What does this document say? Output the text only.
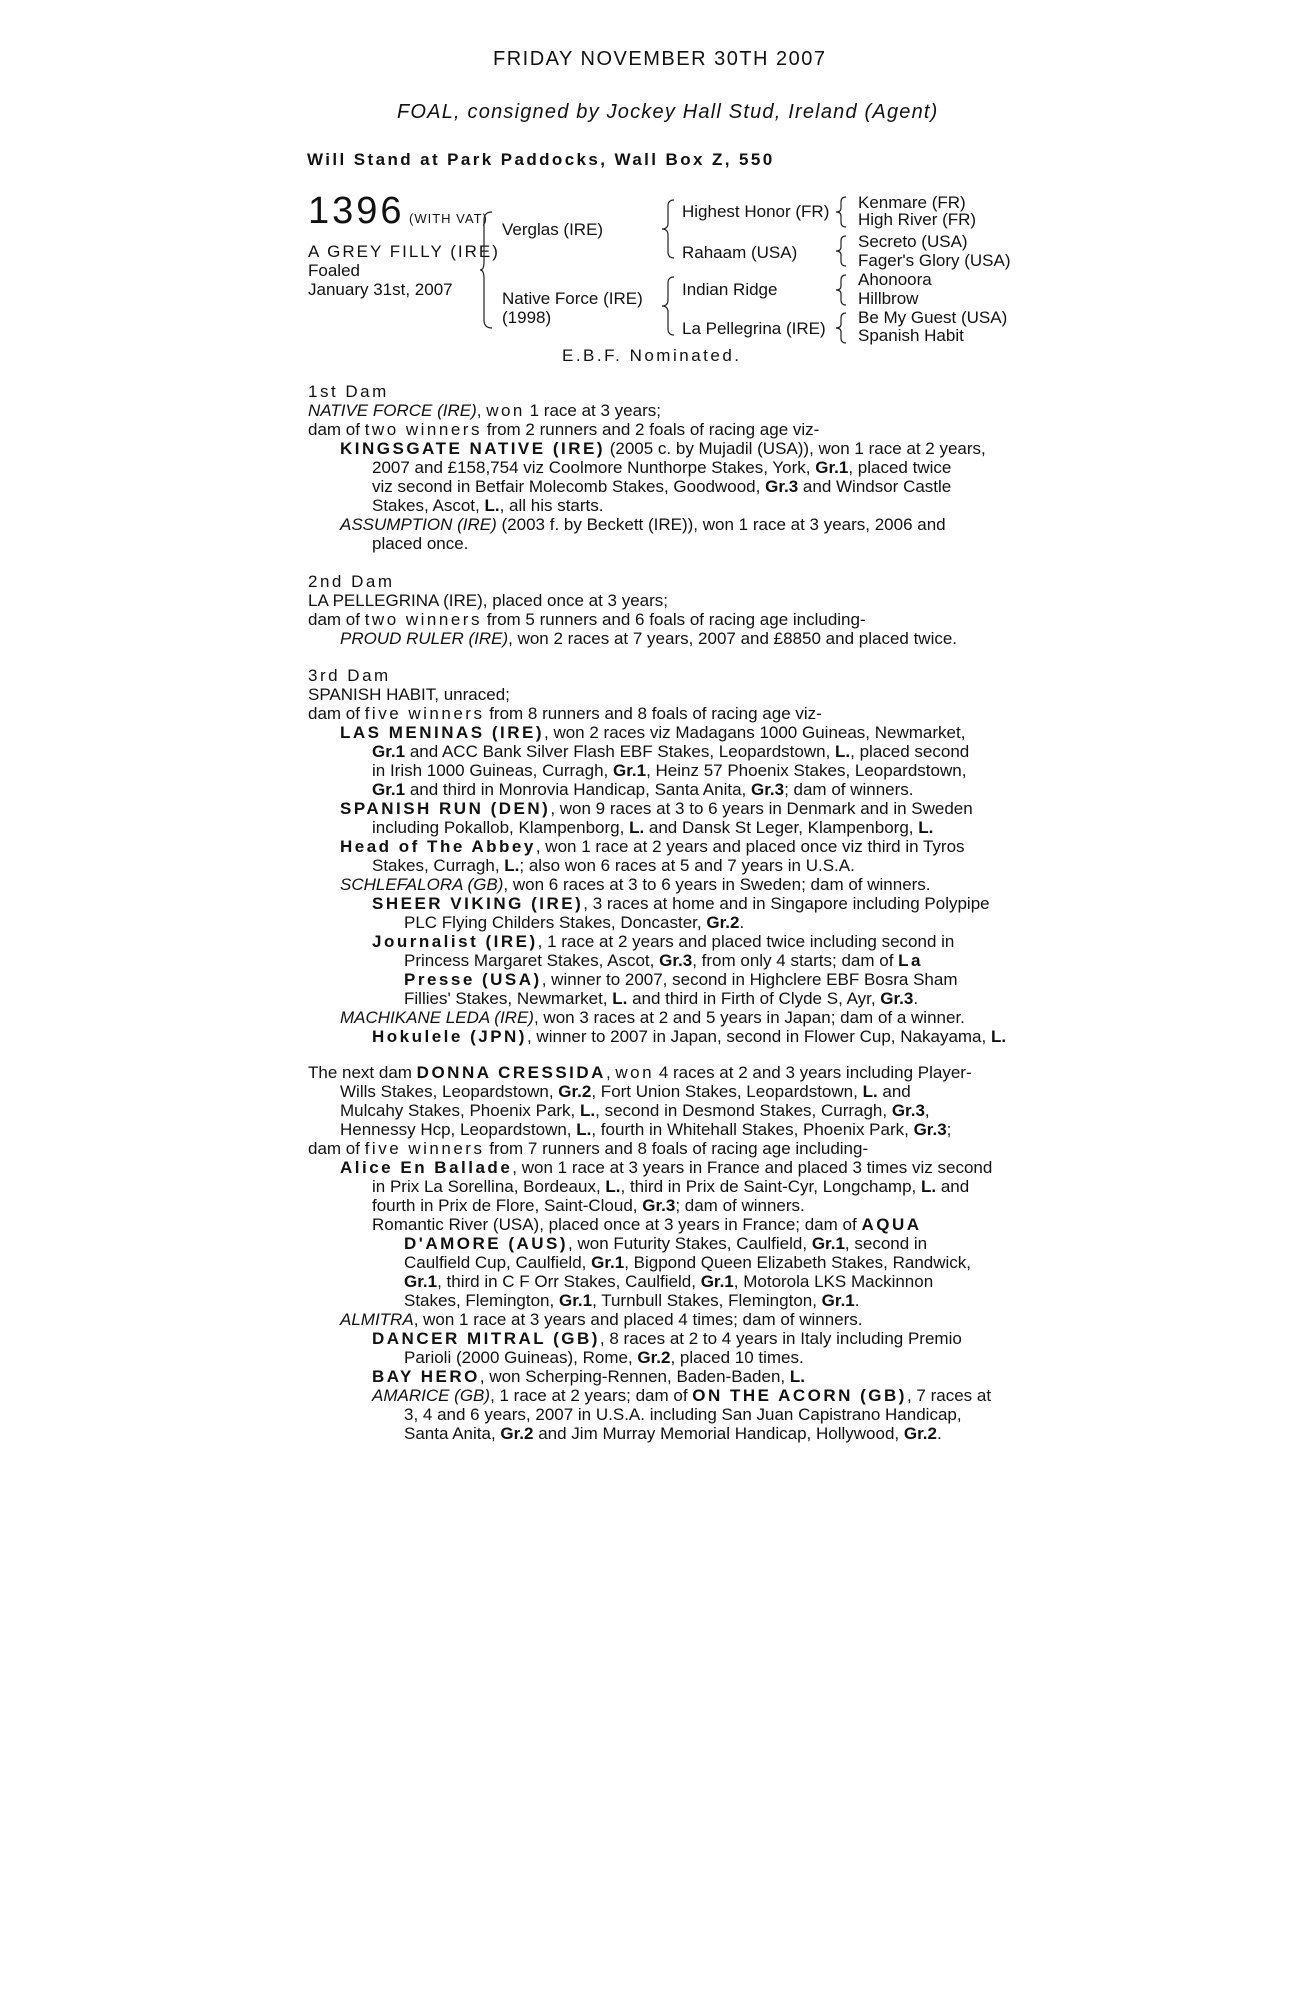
FRIDAY NOVEMBER 30TH 2007
FOAL, consigned by Jockey Hall Stud, Ireland (Agent)
Will Stand at Park Paddocks, Wall Box Z, 550
1396 (WITH VAT)
A GREY FILLY (IRE)
Foaled
January 31st, 2007
Verglas (IRE)
Native Force (IRE)
(1998)
Highest Honor (FR)
Rahaam (USA)
Indian Ridge
La Pellegrina (IRE)
Kenmare (FR)
High River (FR)
Secreto (USA)
Fager's Glory (USA)
Ahonoora
Hillbrow
Be My Guest (USA)
Spanish Habit
E.B.F. Nominated.
1st Dam
NATIVE FORCE (IRE), won 1 race at 3 years;
dam of two winners from 2 runners and 2 foals of racing age viz-
KINGSGATE NATIVE (IRE) (2005 c. by Mujadil (USA)), won 1 race at 2 years,
2007 and £158,754 viz Coolmore Nunthorpe Stakes, York, Gr.1, placed twice
viz second in Betfair Molecomb Stakes, Goodwood, Gr.3 and Windsor Castle
Stakes, Ascot, L., all his starts.
ASSUMPTION (IRE) (2003 f. by Beckett (IRE)), won 1 race at 3 years, 2006 and
placed once.
2nd Dam
LA PELLEGRINA (IRE), placed once at 3 years;
dam of two winners from 5 runners and 6 foals of racing age including-
PROUD RULER (IRE), won 2 races at 7 years, 2007 and £8850 and placed twice.
3rd Dam
SPANISH HABIT, unraced;
dam of five winners from 8 runners and 8 foals of racing age viz-
LAS MENINAS (IRE), won 2 races viz Madagans 1000 Guineas, Newmarket,
Gr.1 and ACC Bank Silver Flash EBF Stakes, Leopardstown, L., placed second
in Irish 1000 Guineas, Curragh, Gr.1, Heinz 57 Phoenix Stakes, Leopardstown,
Gr.1 and third in Monrovia Handicap, Santa Anita, Gr.3; dam of winners.
SPANISH RUN (DEN), won 9 races at 3 to 6 years in Denmark and in Sweden
including Pokallob, Klampenborg, L. and Dansk St Leger, Klampenborg, L.
Head of The Abbey, won 1 race at 2 years and placed once viz third in Tyros
Stakes, Curragh, L.; also won 6 races at 5 and 7 years in U.S.A.
SCHLEFALORA (GB), won 6 races at 3 to 6 years in Sweden; dam of winners.
SHEER VIKING (IRE), 3 races at home and in Singapore including Polypipe
PLC Flying Childers Stakes, Doncaster, Gr.2.
Journalist (IRE), 1 race at 2 years and placed twice including second in
Princess Margaret Stakes, Ascot, Gr.3, from only 4 starts; dam of La
Presse (USA), winner to 2007, second in Highclere EBF Bosra Sham
Fillies' Stakes, Newmarket, L. and third in Firth of Clyde S, Ayr, Gr.3.
MACHIKANE LEDA (IRE), won 3 races at 2 and 5 years in Japan; dam of a winner.
Hokulele (JPN), winner to 2007 in Japan, second in Flower Cup, Nakayama, L.
The next dam DONNA CRESSIDA, won 4 races at 2 and 3 years including Player-
Wills Stakes, Leopardstown, Gr.2, Fort Union Stakes, Leopardstown, L. and
Mulcahy Stakes, Phoenix Park, L., second in Desmond Stakes, Curragh, Gr.3,
Hennessy Hcp, Leopardstown, L., fourth in Whitehall Stakes, Phoenix Park, Gr.3;
dam of five winners from 7 runners and 8 foals of racing age including-
Alice En Ballade, won 1 race at 3 years in France and placed 3 times viz second
in Prix La Sorellina, Bordeaux, L., third in Prix de Saint-Cyr, Longchamp, L. and
fourth in Prix de Flore, Saint-Cloud, Gr.3; dam of winners.
Romantic River (USA), placed once at 3 years in France; dam of AQUA
D'AMORE (AUS), won Futurity Stakes, Caulfield, Gr.1, second in
Caulfield Cup, Caulfield, Gr.1, Bigpond Queen Elizabeth Stakes, Randwick,
Gr.1, third in C F Orr Stakes, Caulfield, Gr.1, Motorola LKS Mackinnon
Stakes, Flemington, Gr.1, Turnbull Stakes, Flemington, Gr.1.
ALMITRA, won 1 race at 3 years and placed 4 times; dam of winners.
DANCER MITRAL (GB), 8 races at 2 to 4 years in Italy including Premio
Parioli (2000 Guineas), Rome, Gr.2, placed 10 times.
BAY HERO, won Scherping-Rennen, Baden-Baden, L.
AMARICE (GB), 1 race at 2 years; dam of ON THE ACORN (GB), 7 races at
3, 4 and 6 years, 2007 in U.S.A. including San Juan Capistrano Handicap,
Santa Anita, Gr.2 and Jim Murray Memorial Handicap, Hollywood, Gr.2.
